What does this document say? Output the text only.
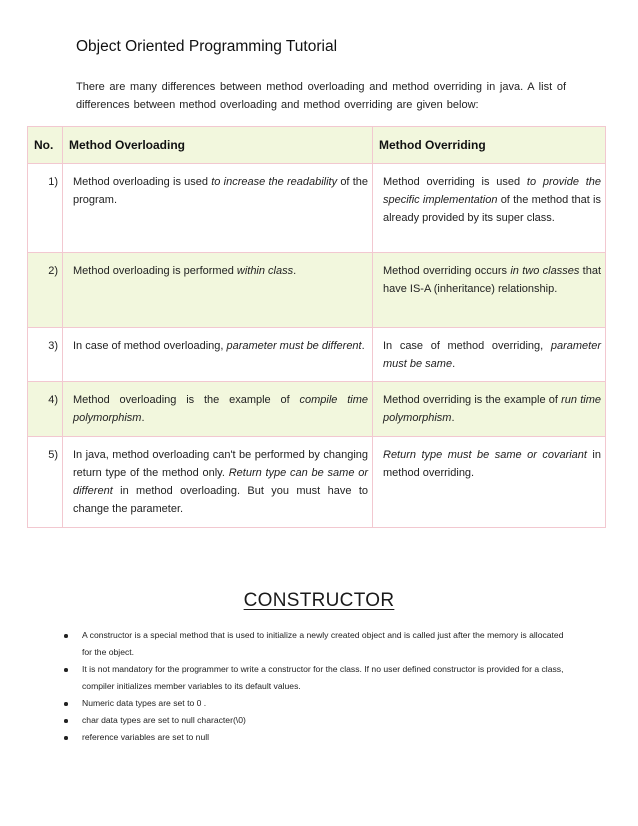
Object Oriented Programming Tutorial
There are many differences between method overloading and method overriding in java. A list of differences between method overloading and method overriding are given below:
No.	Method Overloading	Method Overriding
1)	Method overloading is used to increase the readability of the program.	Method overriding is used to provide the specific implementation of the method that is already provided by its super class.
2)	Method overloading is performed within class.	Method overriding occurs in two classes that have IS-A (inheritance) relationship.
3)	In case of method overloading, parameter must be different.	In case of method overriding, parameter must be same.
4)	Method overloading is the example of compile time polymorphism.	Method overriding is the example of run time polymorphism.
5)	In java, method overloading can't be performed by changing return type of the method only. Return type can be same or different in method overloading. But you must have to change the parameter.	Return type must be same or covariant in method overriding.
CONSTRUCTOR
A constructor is a special method that is used to initialize a newly created object and is called just after the memory is allocated for the object.
It is not mandatory for the programmer to write a constructor for the class. If no user defined constructor is provided for a class, compiler initializes member variables to its default values.
Numeric data types are set to 0 .
char data types are set to null character(\0)
reference variables are set to null
